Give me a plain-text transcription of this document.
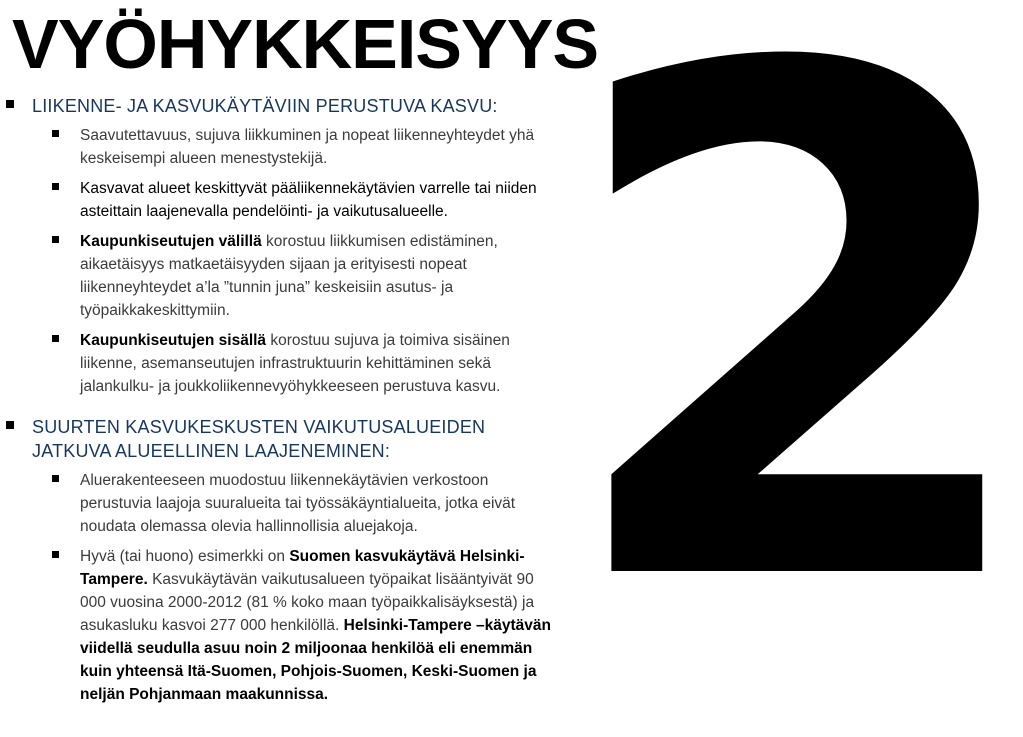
2
VYÖHYKKEISYYS
LIIKENNE- JA KASVUKÄYTÄVIIN PERUSTUVA KASVU:
Saavutettavuus, sujuva liikkuminen ja nopeat liikenneyhteydet yhä keskeisempi alueen menestystekijä.
Kasvavat alueet keskittyvät pääliikennekäytävien varrelle tai niiden asteittain laajenevalla pendelöinti- ja vaikutusalueelle.
Kaupunkiseutujen välillä korostuu liikkumisen edistäminen, aikaetäisyys matkaetäisyyden sijaan ja erityisesti nopeat liikenneyhteydet a’la ”tunnin juna” keskeisiin asutus- ja työpaikkakeskittymiin.
Kaupunkiseutujen sisällä korostuu sujuva ja toimiva sisäinen liikenne, asemanseutujen infrastruktuurin kehittäminen sekä jalankulku- ja joukkoliikennevyöhykkeeseen perustuva kasvu.
SUURTEN KASVUKESKUSTEN VAIKUTUSALUEIDEN
JATKUVA ALUEELLINEN LAAJENEMINEN:
Aluerakenteeseen muodostuu liikennekäytävien verkostoon perustuvia laajoja suuralueita tai työssäkäyntialueita, jotka eivät noudata olemassa olevia hallinnollisia aluejakoja.
Hyvä (tai huono) esimerkki on Suomen kasvukäytävä Helsinki-Tampere. Kasvukäytävän vaikutusalueen työpaikat lisääntyivät 90 000 vuosina 2000-2012 (81 % koko maan työpaikkalisäyksestä) ja asukasluku kasvoi 277 000 henkilöllä. Helsinki-Tampere –käytävän viidellä seudulla asuu noin 2 miljoonaa henkilöä eli enemmän kuin yhteensä Itä-Suomen, Pohjois-Suomen, Keski-Suomen ja neljän Pohjanmaan maakunnissa.
